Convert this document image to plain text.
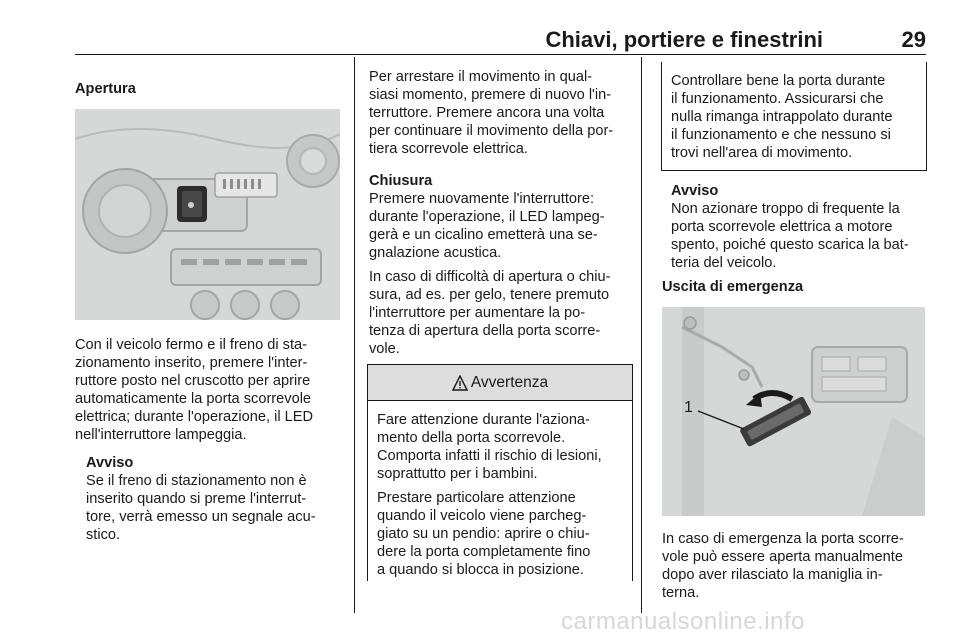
Chiavi, portiere e finestrini	29

Apertura

Con il veicolo fermo e il freno di sta-
zionamento inserito, premere l'inter-
ruttore posto nel cruscotto per aprire
automaticamente la porta scorrevole
elettrica; durante l'operazione, il LED
nell'interruttore lampeggia.

Avviso

Se il freno di stazionamento non è
inserito quando si preme l'interrut-
tore, verrà emesso un segnale acu-
stico.

Per arrestare il movimento in qual-
siasi momento, premere di nuovo l'in-
terruttore. Premere ancora una volta
per continuare il movimento della por-
tiera scorrevole elettrica.

Chiusura

Premere nuovamente l'interruttore:
durante l'operazione, il LED lampeg-
gerà e un cicalino emetterà una se-
gnalazione acustica.

In caso di difficoltà di apertura o chiu-
sura, ad es. per gelo, tenere premuto
l'interruttore per aumentare la po-
tenza di apertura della porta scorre-
vole.

Avvertenza

Fare attenzione durante l'aziona-
mento della porta scorrevole.
Comporta infatti il rischio di lesioni,
soprattutto per i bambini.

Prestare particolare attenzione
quando il veicolo viene parcheg-
giato su un pendio: aprire o chiu-
dere la porta completamente fino
a quando si blocca in posizione.

Controllare bene la porta durante
il funzionamento. Assicurarsi che
nulla rimanga intrappolato durante
il funzionamento e che nessuno si
trovi nell'area di movimento.

Avviso

Non azionare troppo di frequente la
porta scorrevole elettrica a motore
spento, poiché questo scarica la bat-
teria del veicolo.

Uscita di emergenza

1

In caso di emergenza la porta scorre-
vole può essere aperta manualmente
dopo aver rilasciato la maniglia in-
terna.

carmanualsonline.info
